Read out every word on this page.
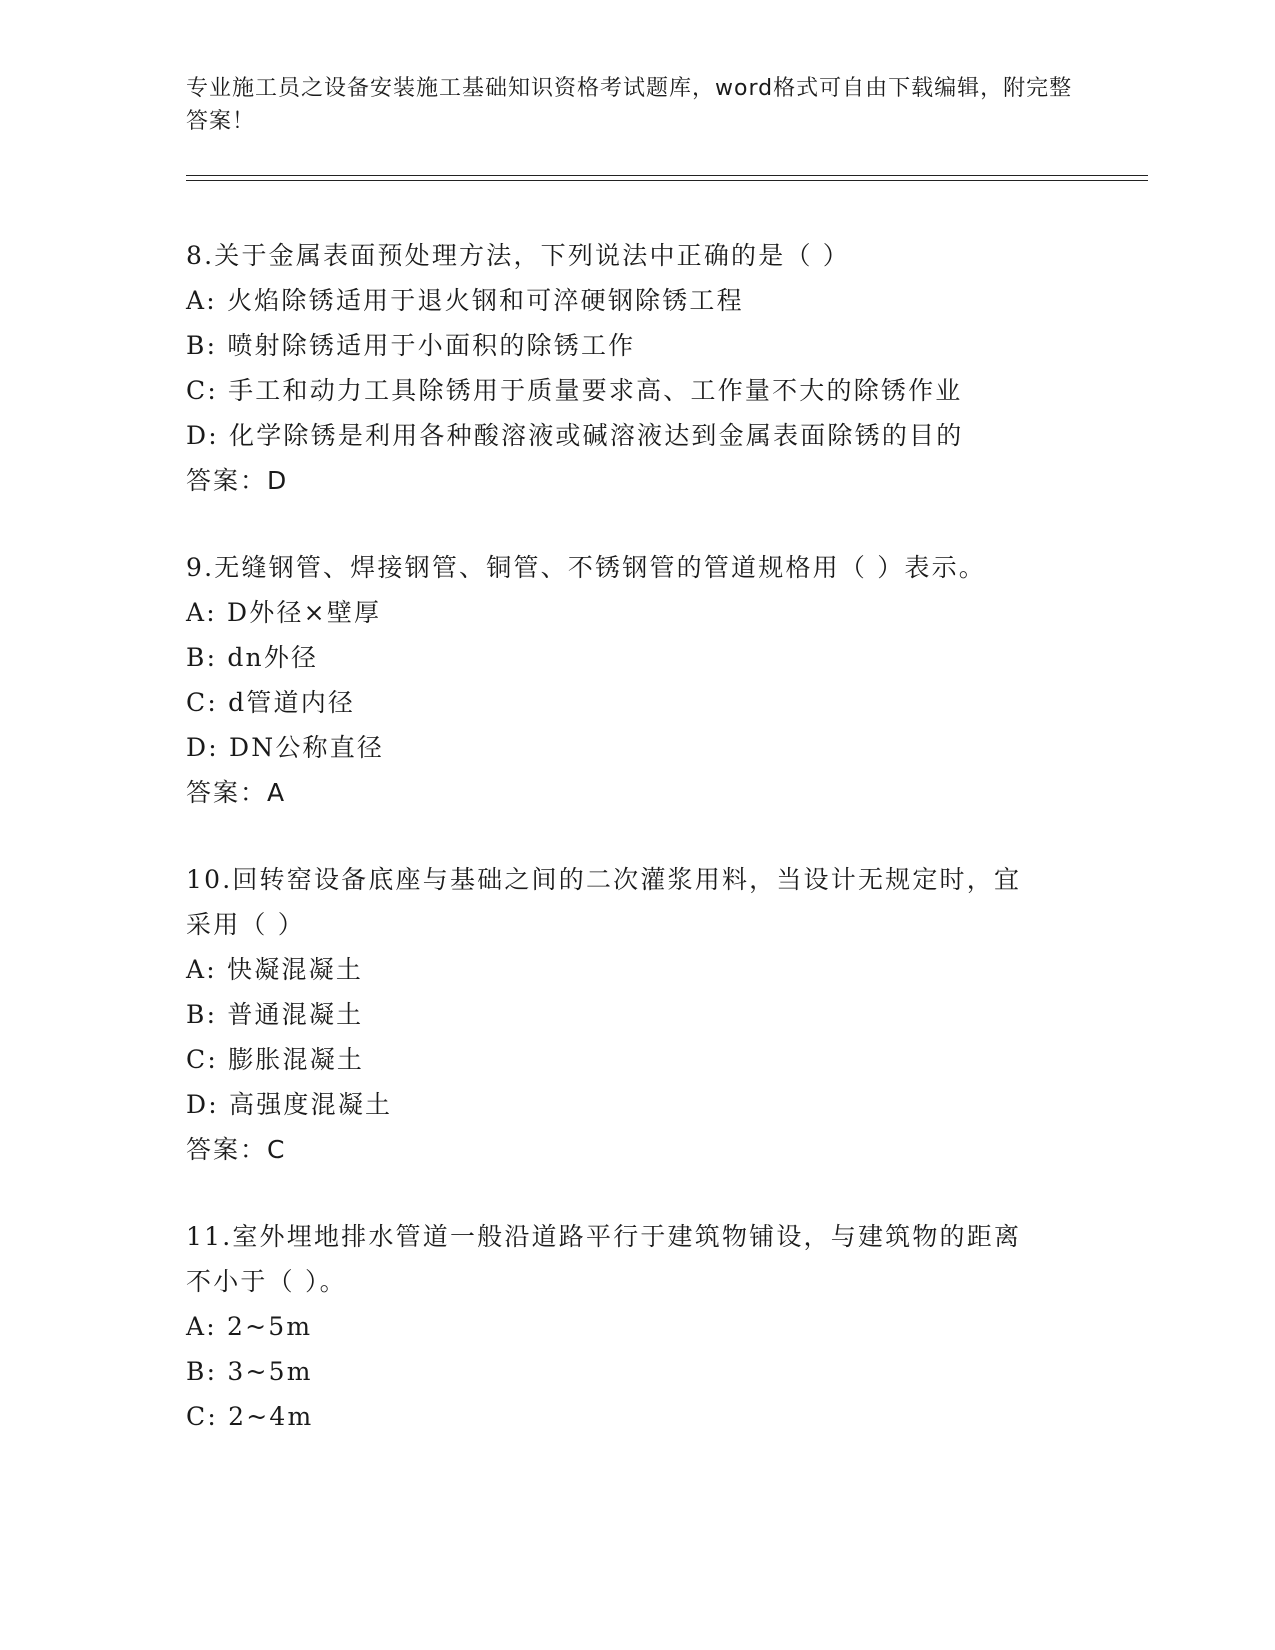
专业施工员之设备安装施工基础知识资格考试题库，word格式可自由下载编辑，附完整答案！
8.关于金属表面预处理方法，下列说法中正确的是（ ）
A: 火焰除锈适用于退火钢和可淬硬钢除锈工程
B: 喷射除锈适用于小面积的除锈工作
C: 手工和动力工具除锈用于质量要求高、工作量不大的除锈作业
D: 化学除锈是利用各种酸溶液或碱溶液达到金属表面除锈的目的
答案：D
9.无缝钢管、焊接钢管、铜管、不锈钢管的管道规格用（ ）表示。
A: D外径×壁厚
B: dn外径
C: d管道内径
D: DN公称直径
答案：A
10.回转窑设备底座与基础之间的二次灌浆用料，当设计无规定时，宜
采用（ ）
A: 快凝混凝土
B: 普通混凝土
C: 膨胀混凝土
D: 高强度混凝土
答案：C
11.室外埋地排水管道一般沿道路平行于建筑物铺设，与建筑物的距离
不小于（ ）。
A: 2~5m
B: 3~5m
C: 2~4m
